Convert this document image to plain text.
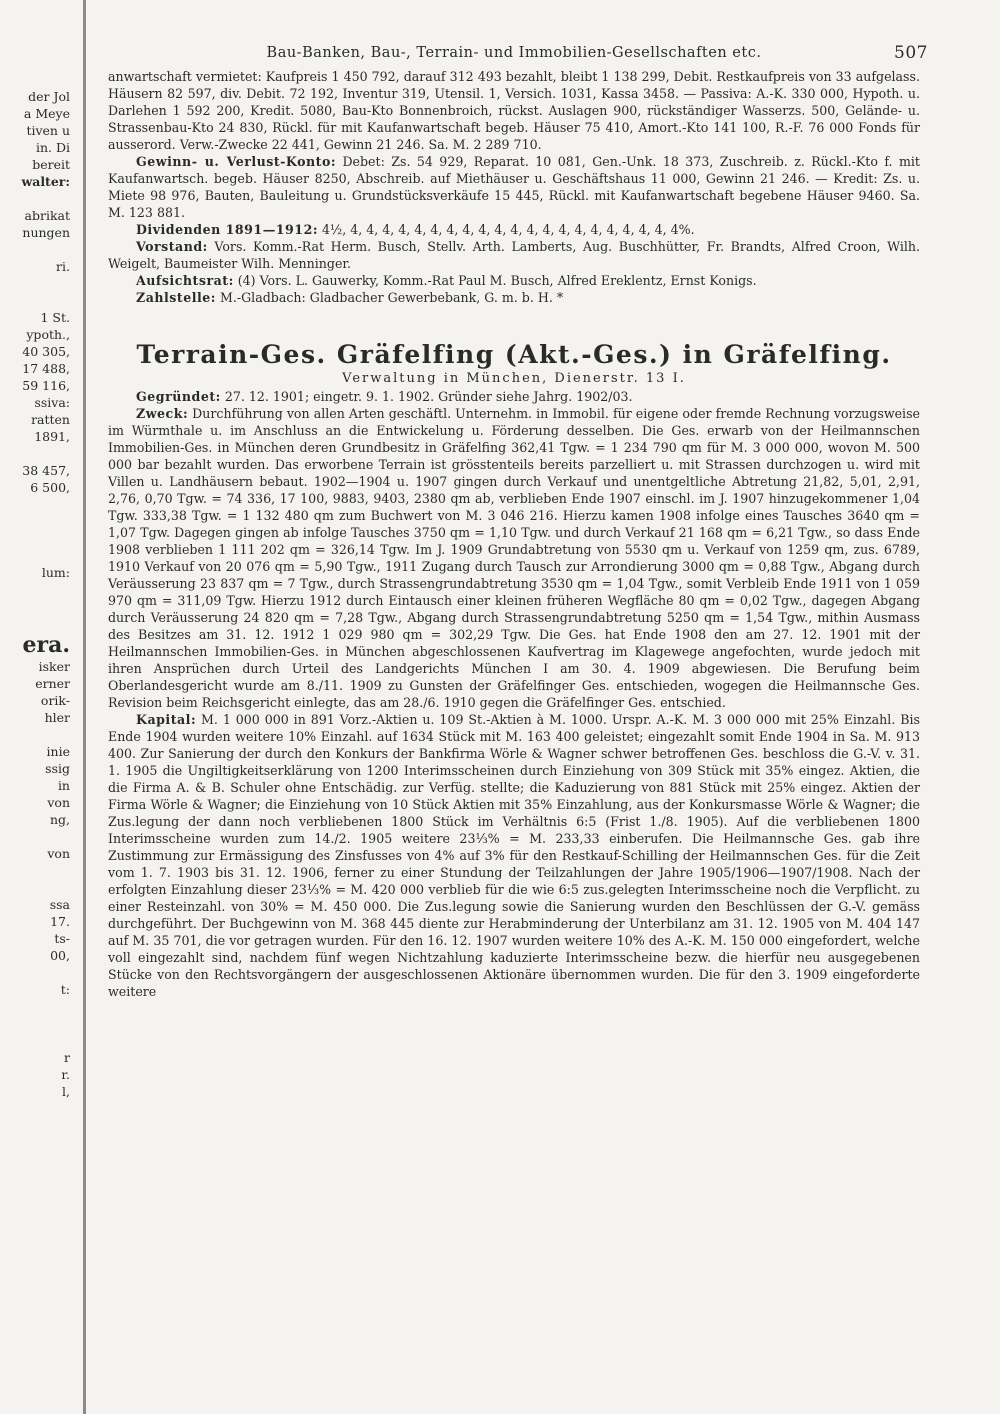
der Jol
a Meye
tiven u
in. Di
bereit
walter:

abrikat
nungen

ri.

1 St.
ypoth.,
40 305,
17 488,
59 116,
ssiva:
ratten
1891,

38 457,
6 500,

lum:

era.
isker
erner
orik-
hler

inie
ssig
in
von
ng,

von

ssa
17.
ts-
00,

t:

r
r.
l,
Bau-Banken, Bau-, Terrain- und Immobilien-Gesellschaften etc.	507

anwartschaft vermietet: Kaufpreis 1 450 792, darauf 312 493 bezahlt, bleibt 1 138 299, Debit. Restkaufpreis von 33 aufgelass. Häusern 82 597, div. Debit. 72 192, Inventur 319, Utensil. 1, Versich. 1031, Kassa 3458. — Passiva: A.-K. 330 000, Hypoth. u. Darlehen 1 592 200, Kredit. 5080, Bau-Kto Bonnenbroich, rückst. Auslagen 900, rückständiger Wasserzs. 500, Gelände- u. Strassenbau-Kto 24 830, Rückl. für mit Kaufanwartschaft begeb. Häuser 75 410, Amort.-Kto 141 100, R.-F. 76 000 Fonds für ausserord. Verw.-Zwecke 22 441, Gewinn 21 246. Sa. M. 2 289 710.

Gewinn- u. Verlust-Konto: Debet: Zs. 54 929, Reparat. 10 081, Gen.-Unk. 18 373, Zuschreib. z. Rückl.-Kto f. mit Kaufanwartsch. begeb. Häuser 8250, Abschreib. auf Miethäuser u. Geschäftshaus 11 000, Gewinn 21 246. — Kredit: Zs. u. Miete 98 976, Bauten, Bauleitung u. Grundstücksverkäufe 15 445, Rückl. mit Kaufanwartschaft begebene Häuser 9460. Sa. M. 123 881.

Dividenden 1891—1912: 4½, 4, 4, 4, 4, 4, 4, 4, 4, 4, 4, 4, 4, 4, 4, 4, 4, 4, 4, 4, 4, 4%.

Vorstand: Vors. Komm.-Rat Herm. Busch, Stellv. Arth. Lamberts, Aug. Buschhütter, Fr. Brandts, Alfred Croon, Wilh. Weigelt, Baumeister Wilh. Menninger.

Aufsichtsrat: (4) Vors. L. Gauwerky, Komm.-Rat Paul M. Busch, Alfred Ereklentz, Ernst Konigs.

Zahlstelle: M.-Gladbach: Gladbacher Gewerbebank, G. m. b. H. *

Terrain-Ges. Gräfelfing (Akt.-Ges.) in Gräfelfing.
Verwaltung in München, Dienerstr. 13 I.

Gegründet: 27. 12. 1901; eingetr. 9. 1. 1902. Gründer siehe Jahrg. 1902/03.

Zweck: Durchführung von allen Arten geschäftl. Unternehm. in Immobil. für eigene oder fremde Rechnung vorzugsweise im Würmthale u. im Anschluss an die Entwickelung u. Förderung desselben. Die Ges. erwarb von der Heilmannschen Immobilien-Ges. in München deren Grundbesitz in Gräfelfing 362,41 Tgw. = 1 234 790 qm für M. 3 000 000, wovon M. 500 000 bar bezahlt wurden. Das erworbene Terrain ist grösstenteils bereits parzelliert u. mit Strassen durchzogen u. wird mit Villen u. Landhäusern bebaut. 1902—1904 u. 1907 gingen durch Verkauf und unentgeltliche Abtretung 21,82, 5,01, 2,91, 2,76, 0,70 Tgw. = 74 336, 17 100, 9883, 9403, 2380 qm ab, verblieben Ende 1907 einschl. im J. 1907 hinzugekommener 1,04 Tgw. 333,38 Tgw. = 1 132 480 qm zum Buchwert von M. 3 046 216. Hierzu kamen 1908 infolge eines Tausches 3640 qm = 1,07 Tgw. Dagegen gingen ab infolge Tausches 3750 qm = 1,10 Tgw. und durch Verkauf 21 168 qm = 6,21 Tgw., so dass Ende 1908 verblieben 1 111 202 qm = 326,14 Tgw. Im J. 1909 Grundabtretung von 5530 qm u. Verkauf von 1259 qm, zus. 6789, 1910 Verkauf von 20 076 qm = 5,90 Tgw., 1911 Zugang durch Tausch zur Arrondierung 3000 qm = 0,88 Tgw., Abgang durch Veräusserung 23 837 qm = 7 Tgw., durch Strassengrundabtretung 3530 qm = 1,04 Tgw., somit Verbleib Ende 1911 von 1 059 970 qm = 311,09 Tgw. Hierzu 1912 durch Eintausch einer kleinen früheren Wegfläche 80 qm = 0,02 Tgw., dagegen Abgang durch Veräusserung 24 820 qm = 7,28 Tgw., Abgang durch Strassengrundabtretung 5250 qm = 1,54 Tgw., mithin Ausmass des Besitzes am 31. 12. 1912 1 029 980 qm = 302,29 Tgw. Die Ges. hat Ende 1908 den am 27. 12. 1901 mit der Heilmannschen Immobilien-Ges. in München abgeschlossenen Kaufvertrag im Klagewege angefochten, wurde jedoch mit ihren Ansprüchen durch Urteil des Landgerichts München I am 30. 4. 1909 abgewiesen. Die Berufung beim Oberlandesgericht wurde am 8./11. 1909 zu Gunsten der Gräfelfinger Ges. entschieden, wogegen die Heilmannsche Ges. Revision beim Reichsgericht einlegte, das am 28./6. 1910 gegen die Gräfelfinger Ges. entschied.

Kapital: M. 1 000 000 in 891 Vorz.-Aktien u. 109 St.-Aktien à M. 1000. Urspr. A.-K. M. 3 000 000 mit 25% Einzahl. Bis Ende 1904 wurden weitere 10% Einzahl. auf 1634 Stück mit M. 163 400 geleistet; eingezahlt somit Ende 1904 in Sa. M. 913 400. Zur Sanierung der durch den Konkurs der Bankfirma Wörle & Wagner schwer betroffenen Ges. beschloss die G.-V. v. 31. 1. 1905 die Ungiltigkeitserklärung von 1200 Interimsscheinen durch Einziehung von 309 Stück mit 35% eingez. Aktien, die die Firma A. & B. Schuler ohne Entschädig. zur Verfüg. stellte; die Kaduzierung von 881 Stück mit 25% eingez. Aktien der Firma Wörle & Wagner; die Einziehung von 10 Stück Aktien mit 35% Einzahlung, aus der Konkursmasse Wörle & Wagner; die Zus.legung der dann noch verbliebenen 1800 Stück im Verhältnis 6:5 (Frist 1./8. 1905). Auf die verbliebenen 1800 Interimsscheine wurden zum 14./2. 1905 weitere 23⅓% = M. 233,33 einberufen. Die Heilmannsche Ges. gab ihre Zustimmung zur Ermässigung des Zinsfusses von 4% auf 3% für den Restkauf-Schilling der Heilmannschen Ges. für die Zeit vom 1. 7. 1903 bis 31. 12. 1906, ferner zu einer Stundung der Teilzahlungen der Jahre 1905/1906—1907/1908. Nach der erfolgten Einzahlung dieser 23⅓% = M. 420 000 verblieb für die wie 6:5 zus.gelegten Interimsscheine noch die Verpflicht. zu einer Resteinzahl. von 30% = M. 450 000. Die Zus.legung sowie die Sanierung wurden den Beschlüssen der G.-V. gemäss durchgeführt. Der Buchgewinn von M. 368 445 diente zur Herabminderung der Unterbilanz am 31. 12. 1905 von M. 404 147 auf M. 35 701, die vor getragen wurden. Für den 16. 12. 1907 wurden weitere 10% des A.-K. M. 150 000 eingefordert, welche voll eingezahlt sind, nachdem fünf wegen Nichtzahlung kaduzierte Interimsscheine bezw. die hierfür neu ausgegebenen Stücke von den Rechtsvorgängern der ausgeschlossenen Aktionäre übernommen wurden. Die für den 3. 1909 eingeforderte weitere
